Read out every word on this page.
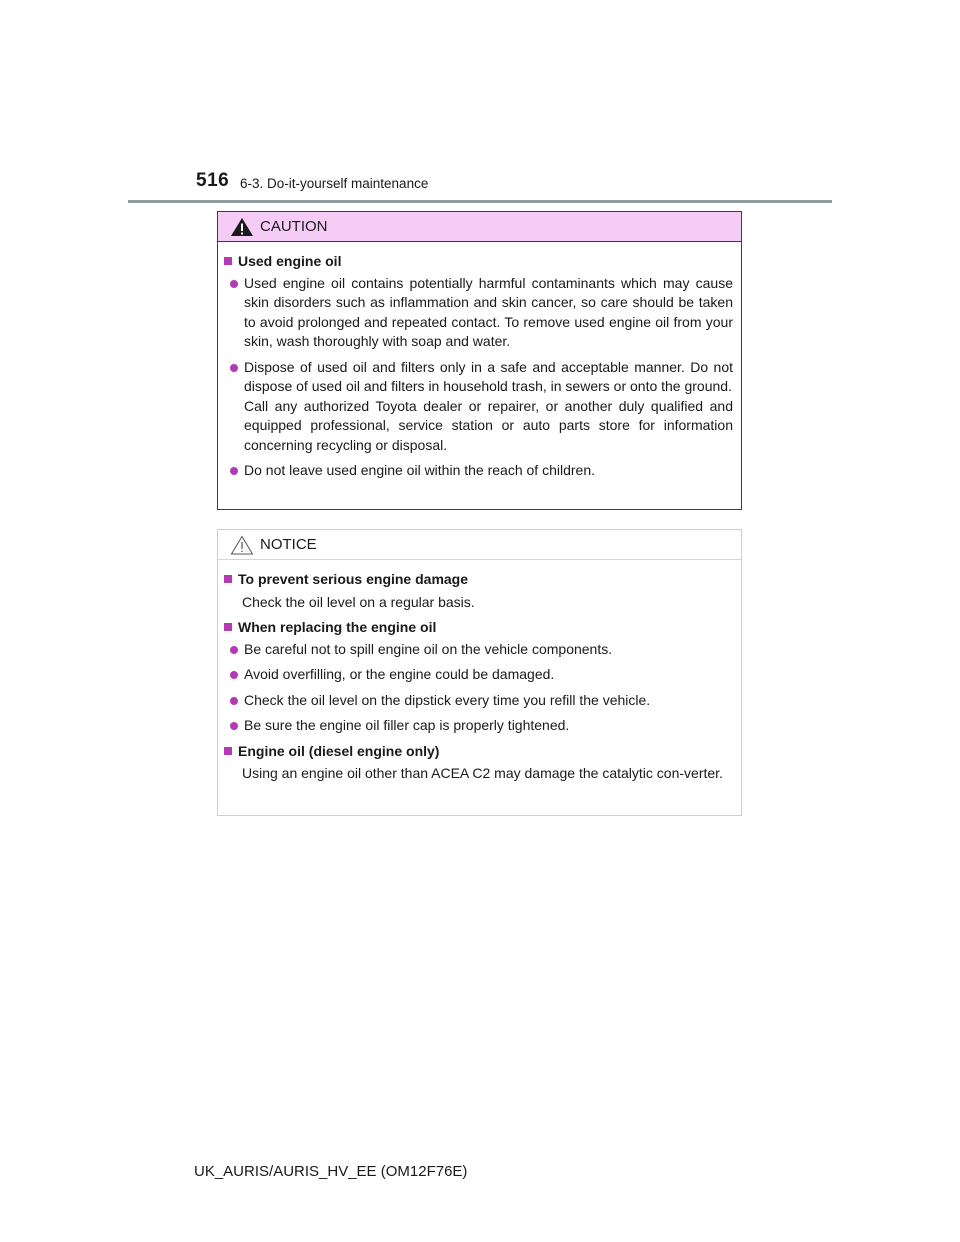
516 6-3. Do-it-yourself maintenance
CAUTION
Used engine oil
Used engine oil contains potentially harmful contaminants which may cause skin disorders such as inflammation and skin cancer, so care should be taken to avoid prolonged and repeated contact. To remove used engine oil from your skin, wash thoroughly with soap and water.
Dispose of used oil and filters only in a safe and acceptable manner. Do not dispose of used oil and filters in household trash, in sewers or onto the ground.
Call any authorized Toyota dealer or repairer, or another duly qualified and equipped professional, service station or auto parts store for information concerning recycling or disposal.
Do not leave used engine oil within the reach of children.
NOTICE
To prevent serious engine damage
Check the oil level on a regular basis.
When replacing the engine oil
Be careful not to spill engine oil on the vehicle components.
Avoid overfilling, or the engine could be damaged.
Check the oil level on the dipstick every time you refill the vehicle.
Be sure the engine oil filler cap is properly tightened.
Engine oil (diesel engine only)
Using an engine oil other than ACEA C2 may damage the catalytic con-verter.
UK_AURIS/AURIS_HV_EE (OM12F76E)
